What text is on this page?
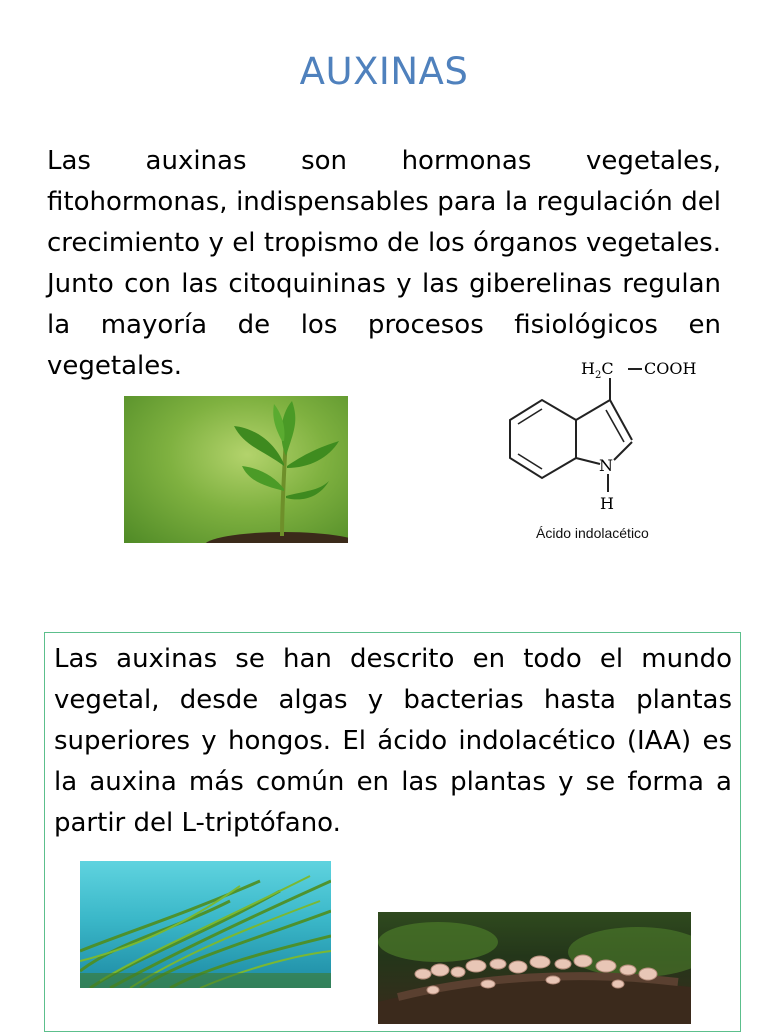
AUXINAS

Las auxinas son hormonas vegetales, fitohormonas, indispensables para la regulación del crecimiento y el tropismo de los órganos vegetales. Junto con las citoquininas y las giberelinas regulan la mayoría de los procesos fisiológicos en vegetales.	$H_2C$ COOH
N
H
Ácido indolacético

Las auxinas se han descrito en todo el mundo vegetal, desde algas y bacterias hasta plantas superiores y hongos. El ácido indolacético (IAA) es la auxina más común en las plantas y se forma a partir del L-triptófano.
